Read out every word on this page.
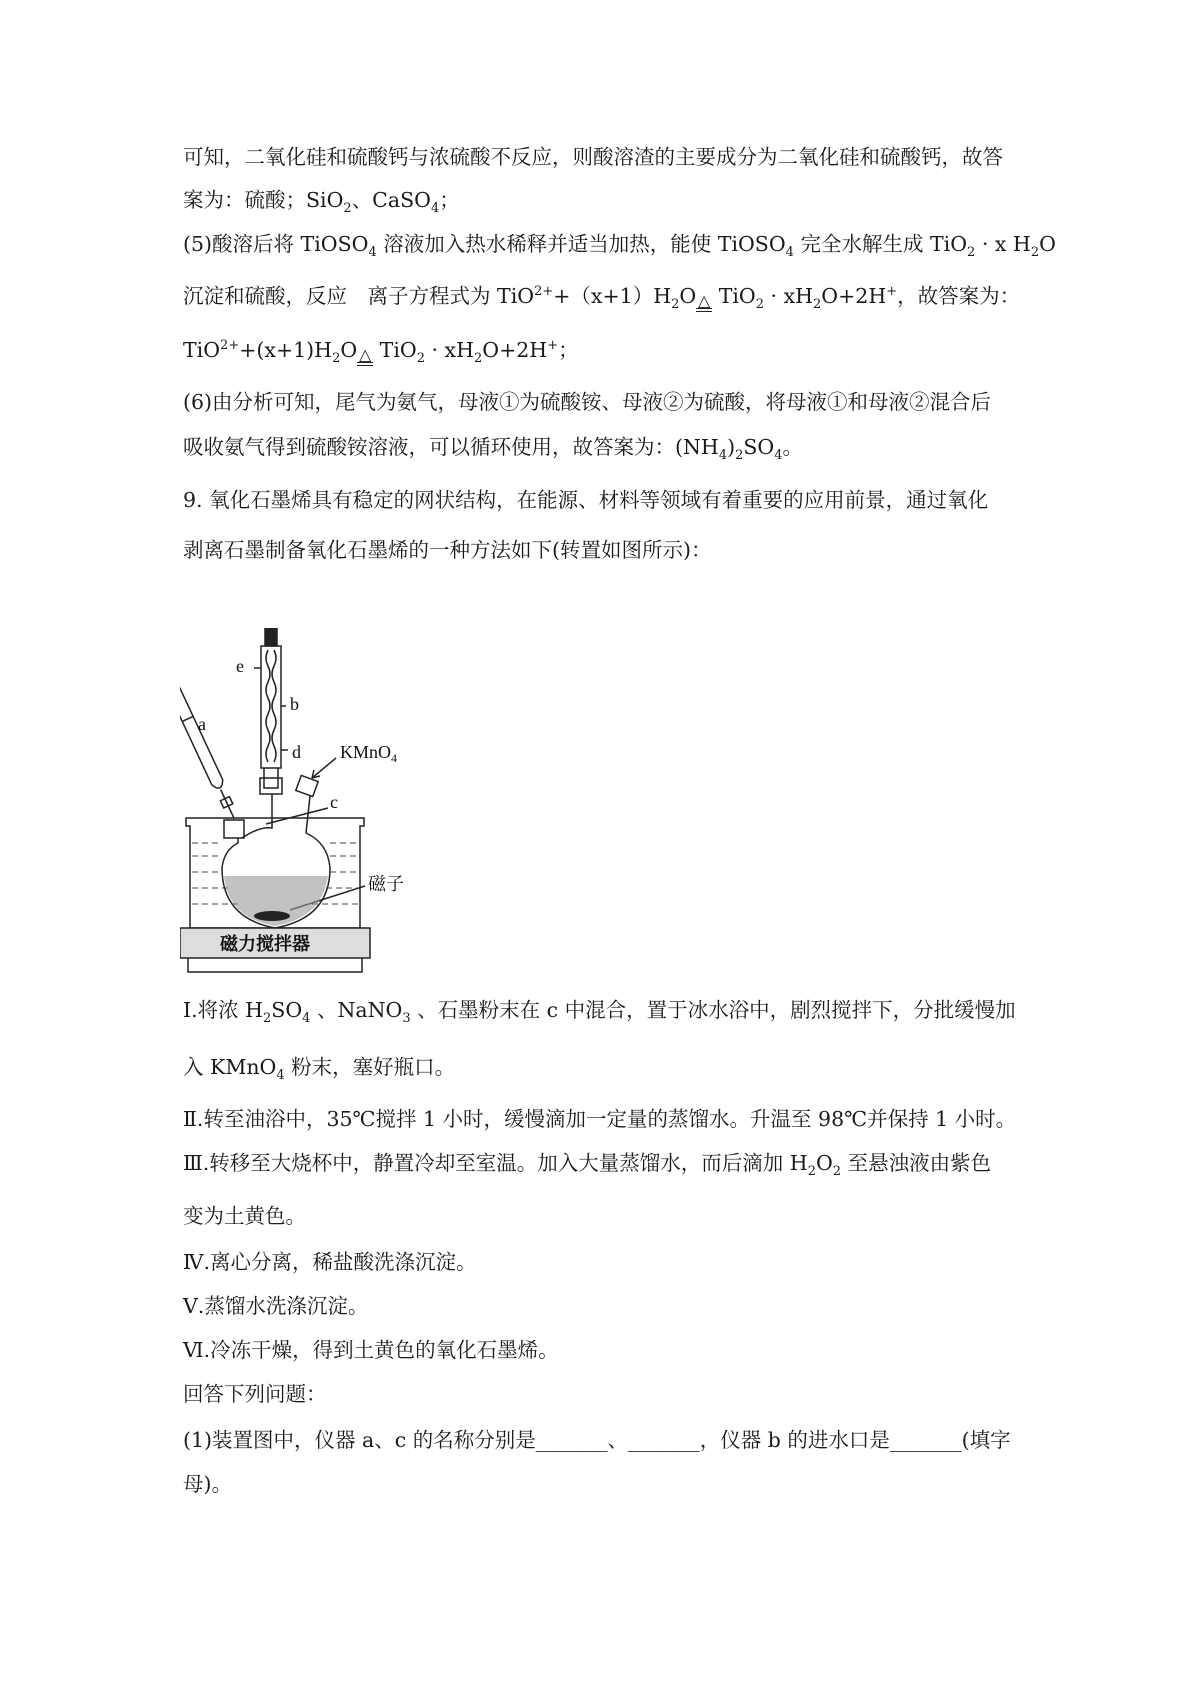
可知，二氧化硅和硫酸钙与浓硫酸不反应，则酸溶渣的主要成分为二氧化硅和硫酸钙，故答
案为：硫酸；SiO$_2$、CaSO$_4$；
(5)酸溶后将 TiOSO$_4$ 溶液加入热水稀释并适当加热，能使 TiOSO$_4$ 完全水解生成 TiO$_2$ · x $H_2O$
沉淀和硫酸，反应　离子方程式为 $TiO^{2+}+(x+1)H_2O$ △ $TiO_2 \cdot xH_2O+2H^+$，故答案为：
$TiO^{2+}+(x+1)H_2O$ △ $TiO_2 \cdot xH_2O+2H^+$；
(6)由分析可知，尾气为氨气，母液①为硫酸铵、母液②为硫酸，将母液①和母液②混合后
吸收氨气得到硫酸铵溶液，可以循环使用，故答案为：$(NH_4)_2SO_4$。
9. 氧化石墨烯具有稳定的网状结构，在能源、材料等领域有着重要的应用前景，通过氧化
剥离石墨制备氧化石墨烯的一种方法如下(转置如图所示)：
e
b
a
d KMnO$_4$
c
磁子
磁力搅拌器
Ⅰ.将浓 $H_2SO_4$ 、NaNO$_3$ 、石墨粉末在 c 中混合，置于冰水浴中，剧烈搅拌下，分批缓慢加
入 KMnO$_4$ 粉末，塞好瓶口。
Ⅱ.转至油浴中，35℃搅拌 1 小时，缓慢滴加一定量的蒸馏水。升温至 98℃并保持 1 小时。
Ⅲ.转移至大烧杯中，静置冷却至室温。加入大量蒸馏水，而后滴加 $H_2O_2$ 至悬浊液由紫色
变为土黄色。
Ⅳ.离心分离，稀盐酸洗涤沉淀。
Ⅴ.蒸馏水洗涤沉淀。
Ⅵ.冷冻干燥，得到土黄色的氧化石墨烯。
回答下列问题：
(1)装置图中，仪器 a、c 的名称分别是_______、_______，仪器 b 的进水口是_______(填字
母)。
